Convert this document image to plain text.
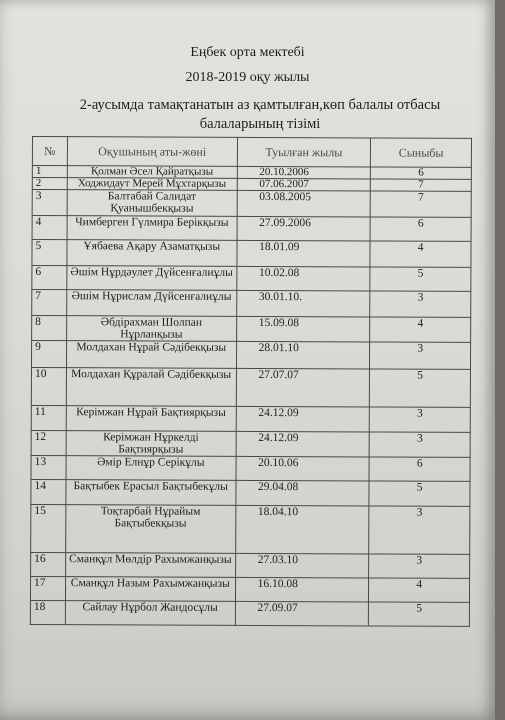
Еңбек орта мектебі
2018-2019 оқу жылы
2-аусымда тамақтанатын аз қамтылған,көп балалы отбасы балаларының тізімі
№	Оқушының аты-жөні	Туылған жылы	Сыныбы
1	Қолман Әсел Қайратқызы	20.10.2006	6
2	Ходжидаут Мерей Мұхтарқызы	07.06.2007	7
3	Балтабай Салидат Қуанышбекқызы	03.08.2005	7
4	Чимберген Гүлмира Берікқызы	27.09.2006	6
5	Ұябаева Ақару Азаматқызы	18.01.09	4
6	Әшім Нұрдәулет Дүйсенғалиұлы	10.02.08	5
7	Әшім Нұрислам Дүйсенғалиұлы	30.01.10.	3
8	Әбдірахман Шолпан Нұрланқызы	15.09.08	4
9	Молдахан Нұрай Сәдібекқызы	28.01.10	3
10	Молдахан Құралай Сәдібекқызы	27.07.07	5
11	Керімжан Нұрай Бақтиярқызы	24.12.09	3
12	Керімжан Нұркелді Бақтиярқызы	24.12.09	3
13	Әмір Елнұр Серікұлы	20.10.06	6
14	Бақтыбек Ерасыл Бақтыбекұлы	29.04.08	5
15	Тоқтарбай Нұрайым Бақтыбекқызы	18.04.10	3
16	Сманқұл Мөлдір Рахымжанқызы	27.03.10	3
17	Сманқұл Назым Рахымжанқызы	16.10.08	4
18	Сайлау Нұрбол Жандосұлы	27.09.07	5
